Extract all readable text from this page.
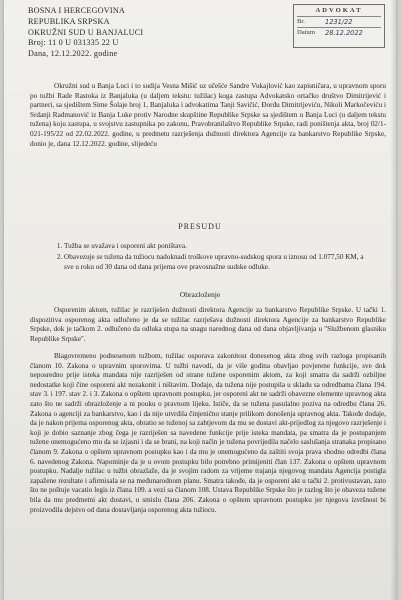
BOSNA I HERCEGOVINA
REPUBLIKA SRPSKA
OKRUŽNI SUD U BANJALUCI
Broj: 11 0 U 031335 22 U
Dana, 12.12.2022. godine
ADVOKAT
Br.	1231/22
Datum	28.12.2022
Okružni sud u Banja Luci i to sudija Vesna Mišić uz učešće Sandre Vukajlović kao zapisničara, u upravnom sporu po tužbi Rade Rastoka iz Banjaluka (u daljem tekstu: tužilac) koga zastupa Advokatsko ortačko društvo Dimitrijević i partneri, sa sjedištem Sime Šolaje broj 1, Banjaluka i advokatima Tanji Savičić, Đorđu Dimitrijeviću, Nikoli Markočeviću i Srdanji Radmanović iz Banja Luke protiv Narodne skupštine Republike Srpske sa sjedištem u Banja Luci (u daljem tekstu tužena) koju zastupa, u svojstvu zastupnika po zakonu, Pravobranilaštvo Republike Srpske, radi poništenja akta, broj 02/1-021-195/22 od 22.02.2022. godine, u predmetu razrješenja dužnosti direktora Agencije za bankarstvo Republike Srpske, donio je, dana 12.12.2022. godine, slijedeću
PRESUDU
1. Tužba se uvažava i osporeni akt poništava.
2. Obavezuje se tužena da tužiocu nadoknadi troškove upravno-sudskog spora u iznosu od 1.077,50 KM, a sve u roku od 30 dana od dana prijema ove pravosnažne sudske odluke.
Obrazloženje
Osporenim aktom, tužilac je razriješen dužnosti direktora Agencije za bankarstvo Republike Srpske. U tački 1. dispozitiva osporenog akta odlučeno je da se tužilac razrješava dužnosti direktora Agencije za bankarstvo Republike Srpske, dok je tačkom 2. odlučeno da odluka stupa na snagu narednog dana od dana objavljivanja u "Službenom glasniku Republike Srpske".
Blagovremeno podnesenom tužbom, tužilac osporava zakonitost donesenog akta zbog svih razloga propisanih članom 10. Zakona o upravnim sporovima. U tužbi navodi, da je više godina obavljao povjerene funkcije, sve dok neposredno prije isteka mandata nije razriješen od strane tužene osporenim aktom, za koji smatra da sadrži ozbiljne nedostatke koji čine osporeni akt nezakonit i ništavim. Dodaje, da tužena nije postupila u skladu sa odredbama člana 194. stav 3. i 197. stav 2. i 3. Zakona o opštem upravnom postupku, jer osporeni akt ne sadrži obavezne elemente upravnog akta zato što ne sadrži obrazloženje a ni pouku o pravnom lijeku. Ističe, da se tužena pasulalno poziva na odredbu člana 26. Zakona o agenciji za bankarstvo, kao i da nije utvrdila činjenično stanje prilikom donošenja upravnog akta. Takođe dodaje, da je nakon prijema osporenog akta, obratio se tuženoj sa zahtjevom da mu se dostavi akt-prijedlog za njegovo razrješenje i koji je dobio saznanje zbog čega je razriješen sa navedene funkcije prije isteka mandata, pa smatra da je postupanjem tužene onemogućeno mu da se izjasni i da se brani, na koji način je tužena povrijedila načelo saslušanja stranaka propisano članom 9. Zakona o opštem upravnom postupku kao i da mu je onemogućeno da zaštiti svoja prava shodno odredbi člana 6. navedenog Zakona. Napominje da je u ovom postupku bilo potrebno primijeniti član 137. Zakona o opštem upravnom postupku. Nadalje tužilac u tužbi obrazlaže, da je svojim radom za vrijeme trajanja njegovog mandata Agencija postigla zapažene rezultate i afirmisala se na međunarodnom planu. Smatra takođe, da je osporeni akt u tački 2. protivustavan, zato što ne poštuje vacatio legis iz člana 109. a vezi sa članom 108. Ustava Republike Srpske što je razlog što je obaveza tužene bila da mu predmetni akt dostavi, u smislu člana 206. Zakona o opštem upravnom postupku jer njegova izvršnost bi proizvodila dejstvo od dana dostavljanja osporenog akta tužiocu.
